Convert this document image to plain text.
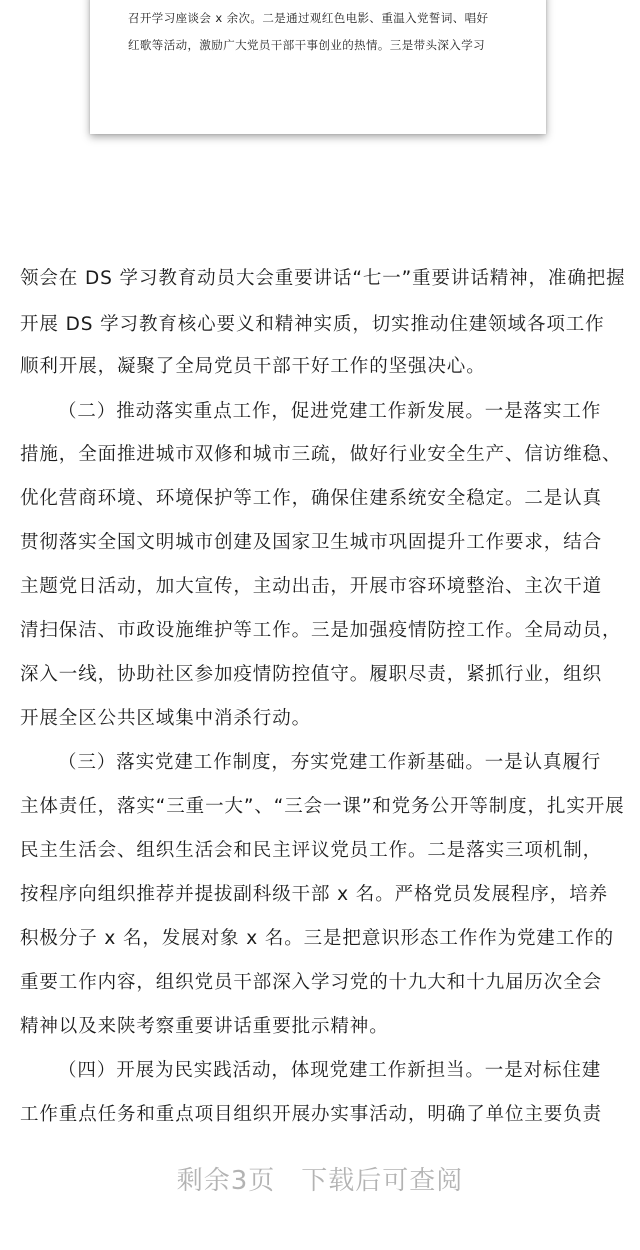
召开学习座谈会 x 余次。二是通过观红色电影、重温入党誓词、唱好
红歌等活动，激励广大党员干部干事创业的热情。三是带头深入学习
领会在 DS 学习教育动员大会重要讲话“七一”重要讲话精神，准确把握
开展 DS 学习教育核心要义和精神实质，切实推动住建领域各项工作
顺利开展，凝聚了全局党员干部干好工作的坚强决心。
（二）推动落实重点工作，促进党建工作新发展。一是落实工作
措施，全面推进城市双修和城市三疏，做好行业安全生产、信访维稳、
优化营商环境、环境保护等工作，确保住建系统安全稳定。二是认真
贯彻落实全国文明城市创建及国家卫生城市巩固提升工作要求，结合
主题党日活动，加大宣传，主动出击，开展市容环境整治、主次干道
清扫保洁、市政设施维护等工作。三是加强疫情防控工作。全局动员，
深入一线，协助社区参加疫情防控值守。履职尽责，紧抓行业，组织
开展全区公共区域集中消杀行动。
（三）落实党建工作制度，夯实党建工作新基础。一是认真履行
主体责任，落实“三重一大”、“三会一课”和党务公开等制度，扎实开展
民主生活会、组织生活会和民主评议党员工作。二是落实三项机制，
按程序向组织推荐并提拔副科级干部 x 名。严格党员发展程序，培养
积极分子 x 名，发展对象 x 名。三是把意识形态工作作为党建工作的
重要工作内容，组织党员干部深入学习党的十九大和十九届历次全会
精神以及来陕考察重要讲话重要批示精神。
（四）开展为民实践活动，体现党建工作新担当。一是对标住建
工作重点任务和重点项目组织开展办实事活动，明确了单位主要负责
剩余3页 下载后可查阅
